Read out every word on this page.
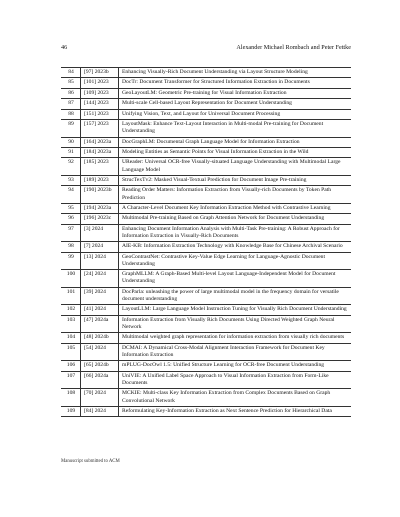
46	Alexander Michael Rombach and Peter Fettke
84	[97] 2023b	Enhancing Visually-Rich Document Understanding via Layout Structure Modeling
85	[101] 2023	DocTr: Document Transformer for Structured Information Extraction in Documents
86	[109] 2023	GeoLayoutLM: Geometric Pre-training for Visual Information Extraction
87	[144] 2023	Multi-scale Cell-based Layout Representation for Document Understanding
88	[151] 2023	Unifying Vision, Text, and Layout for Universal Document Processing
89	[157] 2023	LayoutMask: Enhance Text-Layout Interaction in Multi-modal Pre-training for Document Understanding
90	[164] 2023a	DocGraphLM: Documental Graph Language Model for Information Extraction
91	[184] 2023a	Modeling Entities as Semantic Points for Visual Information Extraction in the Wild
92	[185] 2023	UReader: Universal OCR-free Visually-situated Language Understanding with Multimodal Large Language Model
93	[189] 2023	StrucTexTv2: Masked Visual-Textual Prediction for Document Image Pre-training
94	[190] 2023b	Reading Order Matters: Information Extraction from Visually-rich Documents by Token Path Prediction
95	[194] 2023a	A Character-Level Document Key Information Extraction Method with Contrastive Learning
96	[196] 2023c	Multimodal Pre-training Based on Graph Attention Network for Document Understanding
97	[3] 2024	Enhancing Document Information Analysis with Multi-Task Pre-training: A Robust Approach for Information Extraction in Visually-Rich Documents
98	[7] 2024	AIE-KB: Information Extraction Technology with Knowledge Base for Chinese Archival Scenario
99	[13] 2024	GeoContrastNet: Contrastive Key-Value Edge Learning for Language-Agnostic Document Understanding
100	[24] 2024	GraphMLLM: A Graph-Based Multi-level Layout Language-Independent Model for Document Understanding
101	[39] 2024	DocParla: unleashing the power of large multimodal model in the frequency domain for versatile document understanding
102	[41] 2024	LayoutLLM: Large Language Model Instruction Tuning for Visually Rich Document Understanding
103	[47] 2024a	Information Extraction from Visually Rich Documents Using Directed Weighted Graph Neural Network
104	[48] 2024b	Multimodal weighted graph representation for information extraction from visually rich documents
105	[54] 2024	DCMAI: A Dynamical Cross-Modal Alignment Interaction Framework for Document Key Information Extraction
106	[65] 2024b	mPLUG-DocOwl 1.5: Unified Structure Learning for OCR-free Document Understanding
107	[66] 2024a	UniVIE: A Unified Label Space Approach to Visual Information Extraction from Form-Like Documents
108	[70] 2024	MCKIE: Multi-class Key Information Extraction from Complex Documents Based on Graph Convolutional Network
109	[84] 2024	Reformulating Key-Information Extraction as Next Sentence Prediction for Hierarchical Data
Manuscript submitted to ACM
